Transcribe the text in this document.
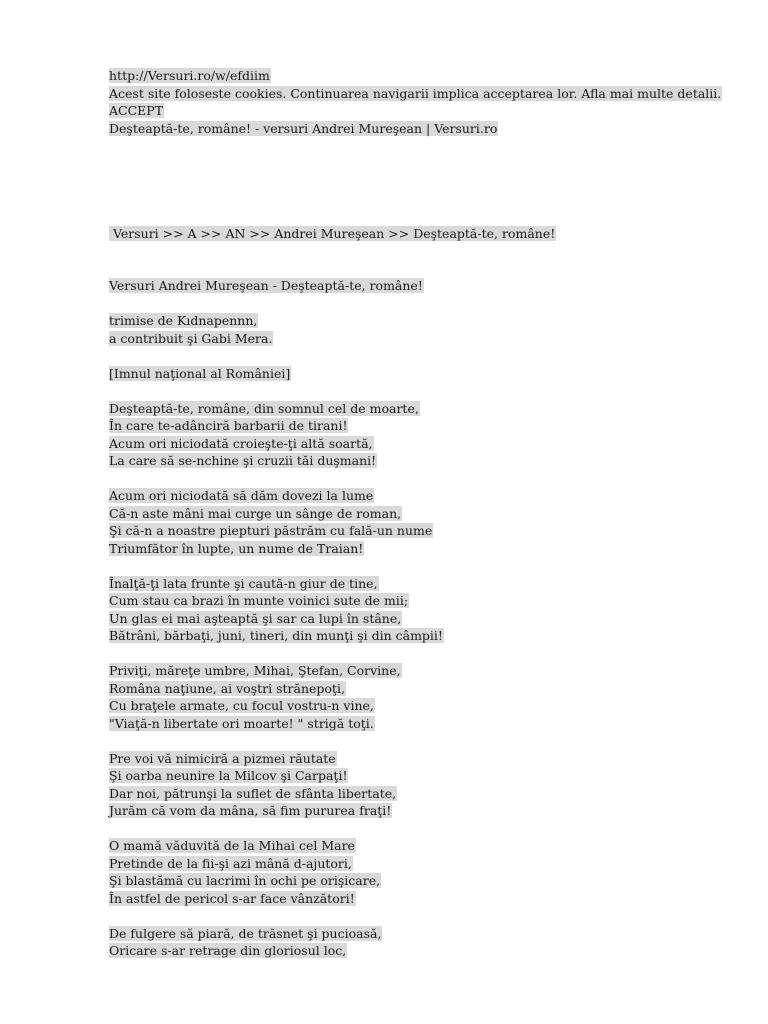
http://Versuri.ro/w/efdiim
Acest site foloseste cookies. Continuarea navigarii implica acceptarea lor. Afla mai multe detalii.
ACCEPT
Deşteaptă-te, române! - versuri Andrei Mureşean | Versuri.ro
Versuri >> A >> AN >> Andrei Mureşean >> Deşteaptă-te, române!
Versuri Andrei Mureşean - Deşteaptă-te, române!
trimise de Kıdnapennn,
a contribuit şi Gabi Mera.
[Imnul naţional al României]
Deşteaptă-te, române, din somnul cel de moarte,
În care te-adânciră barbarii de tirani!
Acum ori niciodată croieşte-ţi altă soartă,
La care să se-nchine şi cruzii tăi duşmani!
Acum ori niciodată să dăm dovezi la lume
Că-n aste mâni mai curge un sânge de roman,
Şi că-n a noastre piepturi păstrăm cu fală-un nume
Triumfător în lupte, un nume de Traian!
Înalţă-ţi lata frunte şi caută-n giur de tine,
Cum stau ca brazi în munte voinici sute de mii;
Un glas ei mai aşteaptă şi sar ca lupi în stâne,
Bătrâni, bărbaţi, juni, tineri, din munţi şi din câmpii!
Priviţi, măreţe umbre, Mihai, Ştefan, Corvine,
Româna naţiune, ai voştri strănepoţi,
Cu braţele armate, cu focul vostru-n vine,
"Viaţă-n libertate ori moarte! " strigă toţi.
Pre voi vă nimiciră a pizmei răutate
Şi oarba neunire la Milcov şi Carpaţi!
Dar noi, pătrunşi la suflet de sfânta libertate,
Jurăm că vom da mâna, să fim pururea fraţi!
O mamă văduvită de la Mihai cel Mare
Pretinde de la fii-şi azi mână d-ajutori,
Şi blastămă cu lacrimi în ochi pe orişicare,
În astfel de pericol s-ar face vânzători!
De fulgere să piară, de trăsnet şi pucioasă,
Oricare s-ar retrage din gloriosul loc,
